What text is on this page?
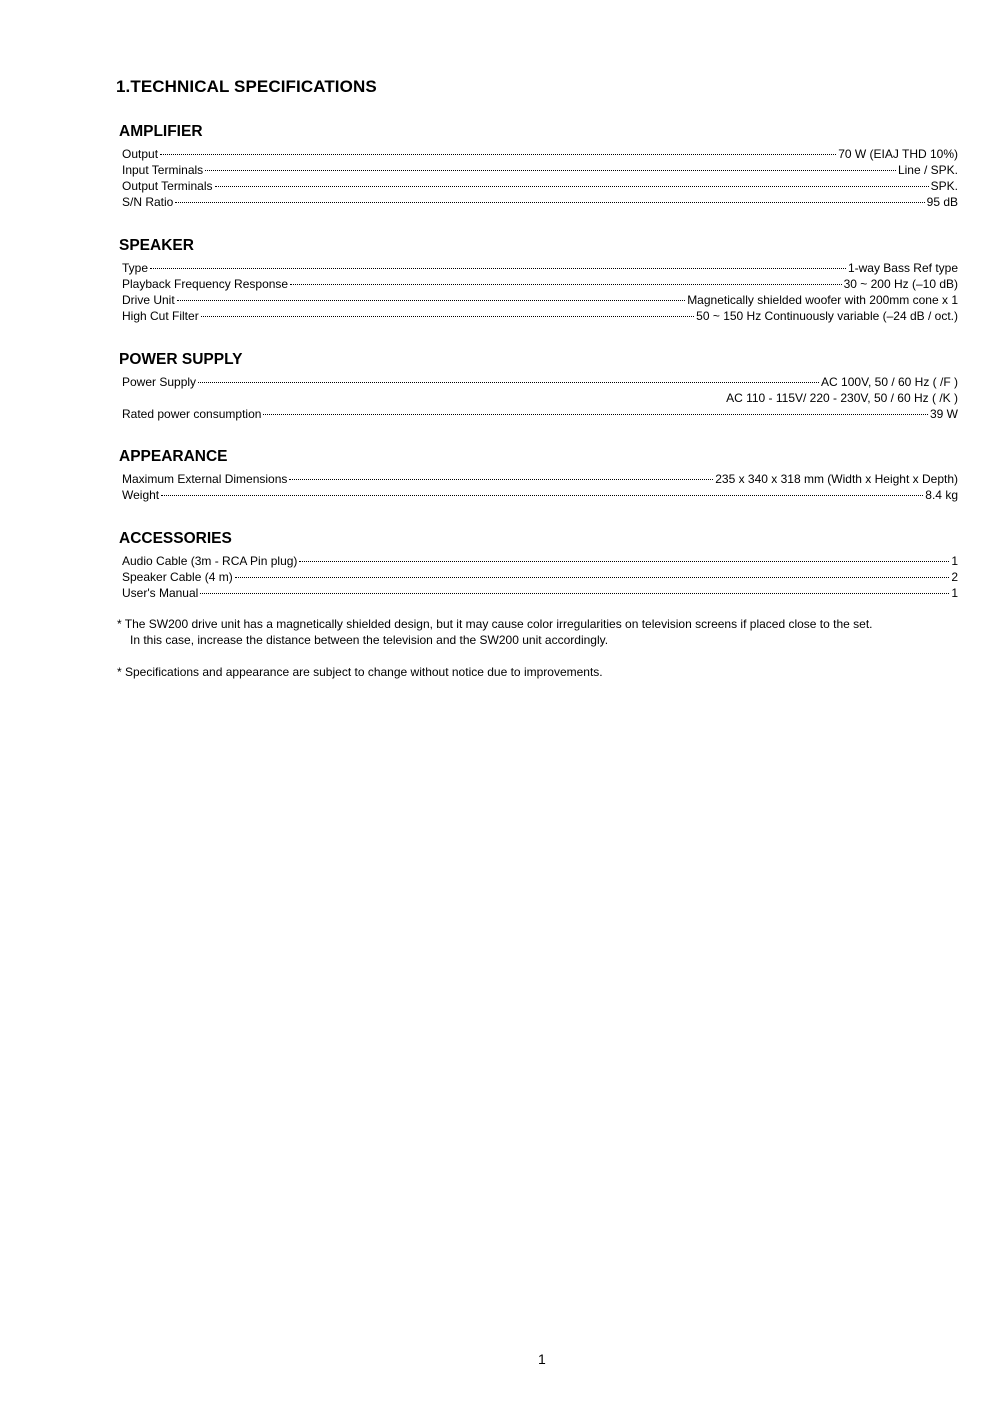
1.TECHNICAL SPECIFICATIONS
AMPLIFIER
Output	70 W (EIAJ THD 10%)
Input Terminals	Line / SPK.
Output Terminals	SPK.
S/N Ratio	95 dB
SPEAKER
Type	1-way Bass Ref type
Playback Frequency Response	30 ~ 200 Hz (–10 dB)
Drive Unit	Magnetically shielded woofer with 200mm cone x 1
High Cut Filter	50 ~ 150 Hz Continuously variable (–24 dB / oct.)
POWER SUPPLY
Power Supply	AC 100V, 50 / 60 Hz ( /F )
AC 110 - 115V/ 220 - 230V, 50 / 60 Hz ( /K )
Rated power consumption	39 W
APPEARANCE
Maximum External Dimensions	235 x 340 x 318 mm (Width x Height x Depth)
Weight	8.4 kg
ACCESSORIES
Audio Cable (3m - RCA Pin plug)	1
Speaker Cable (4 m)	2
User's Manual	1
* The SW200 drive unit has a magnetically shielded design, but it may cause color irregularities on television screens if placed close to the set.
In this case, increase the distance between the television and the SW200 unit accordingly.
* Specifications and appearance are subject to change without notice due to improvements.
1
